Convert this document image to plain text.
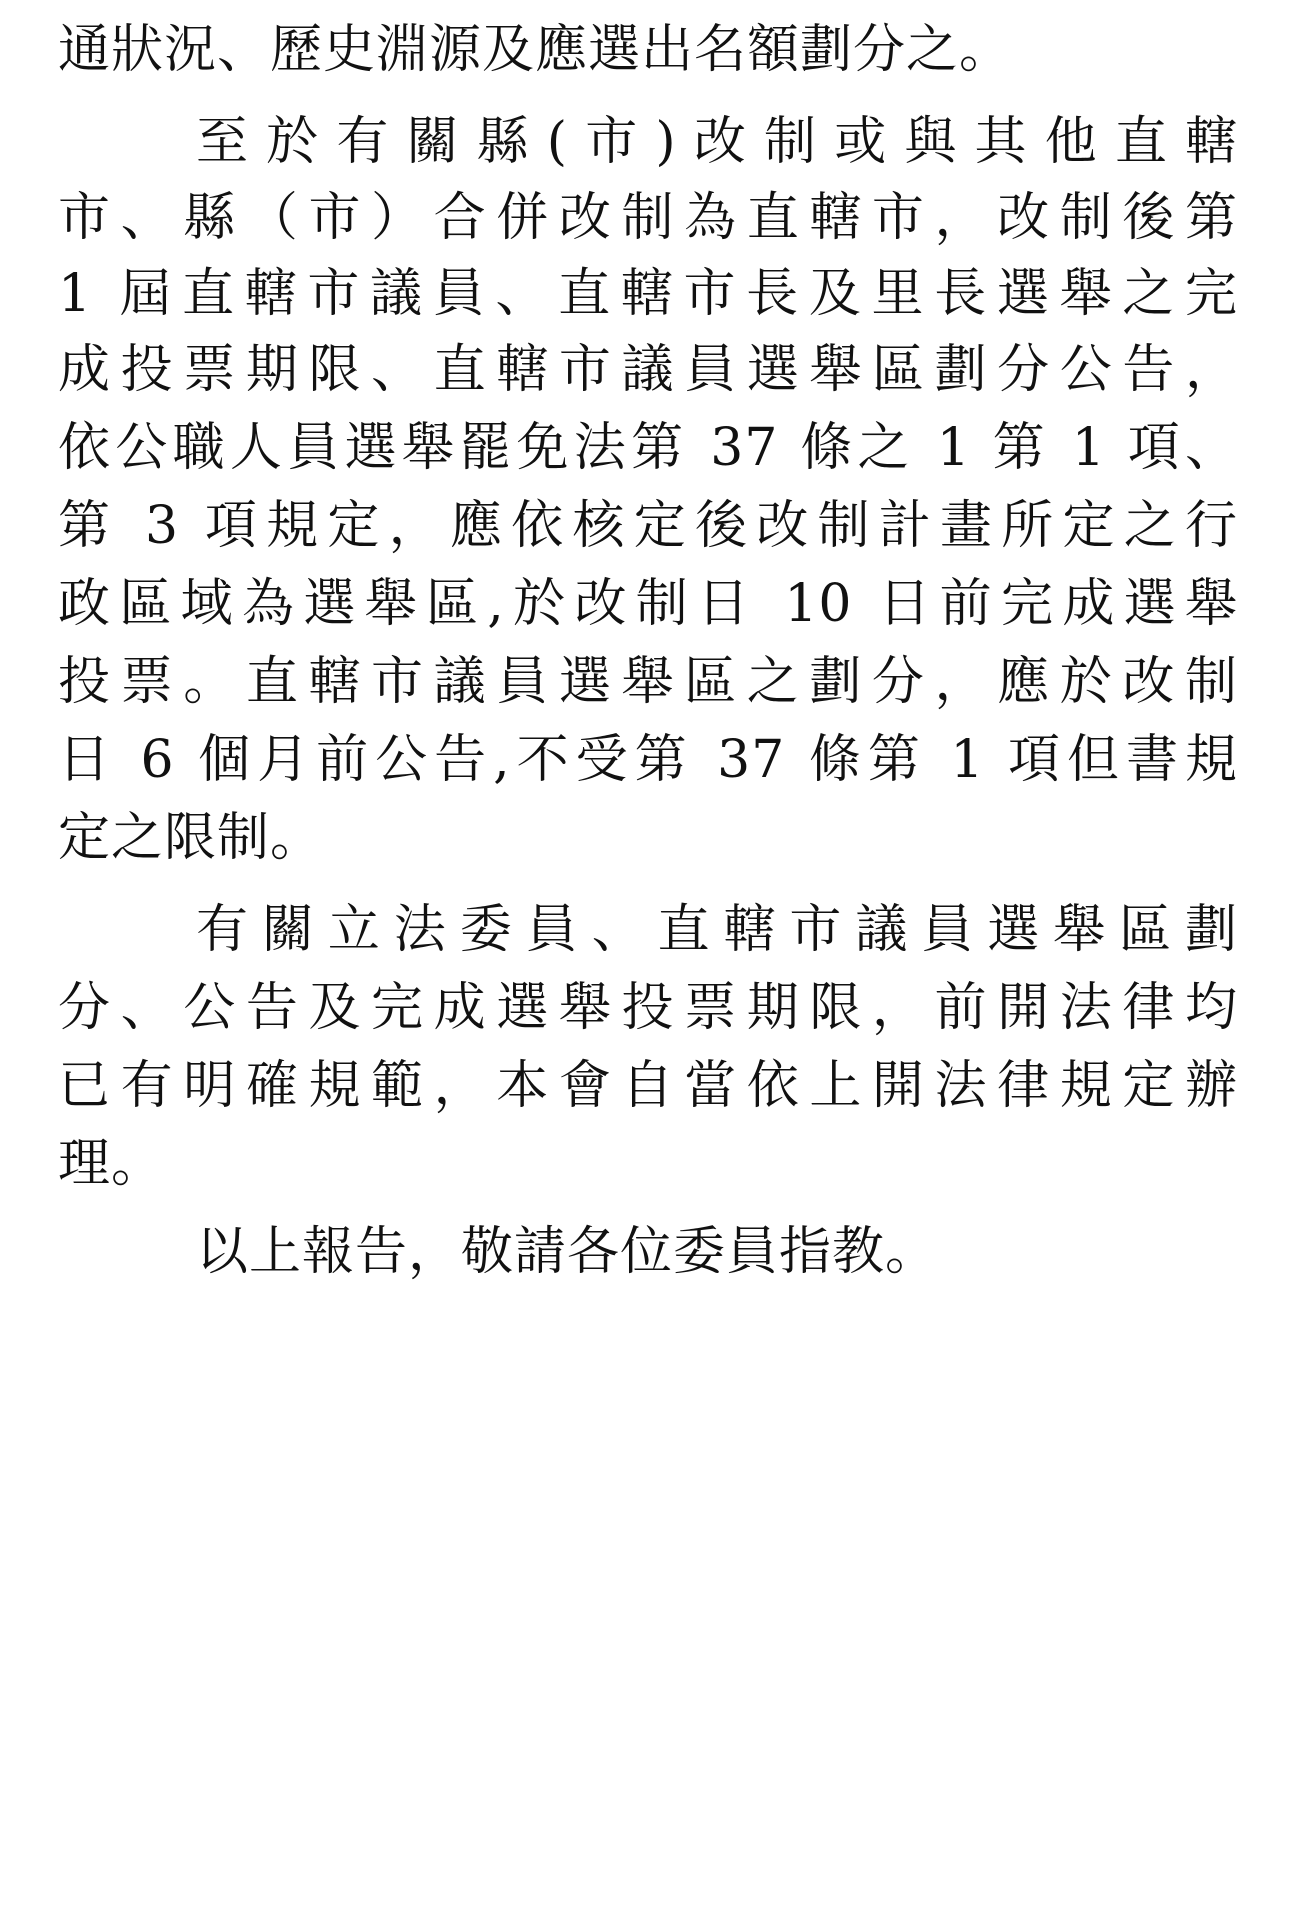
通狀況、歷史淵源及應選出名額劃分之。
至於有關縣(市)改制或與其他直轄
市、縣（市）合併改制為直轄市，改制後第
1 屆直轄市議員、直轄市長及里長選舉之完
成投票期限、直轄市議員選舉區劃分公告，
依公職人員選舉罷免法第 37 條之 1 第 1 項、
第 3 項規定，應依核定後改制計畫所定之行
政區域為選舉區,於改制日 10 日前完成選舉
投票。直轄市議員選舉區之劃分，應於改制
日 6 個月前公告,不受第 37 條第 1 項但書規
定之限制。
有關立法委員、直轄市議員選舉區劃
分、公告及完成選舉投票期限，前開法律均
已有明確規範，本會自當依上開法律規定辦
理。
以上報告，敬請各位委員指教。
